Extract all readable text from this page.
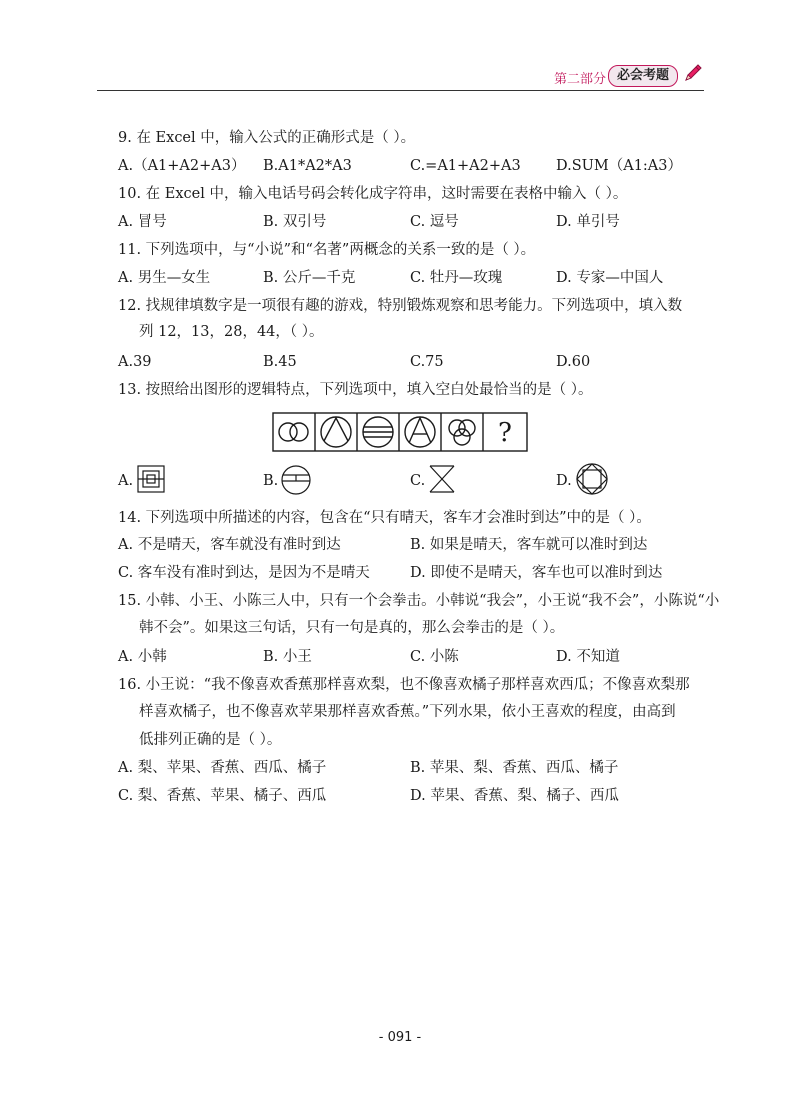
第二部分 必会考题
9. 在 Excel 中，输入公式的正确形式是（ ）。
A.（A1+A2+A3） B.A1*A2*A3	C.=A1+A2+A3 D.SUM（A1:A3）
10. 在 Excel 中，输入电话号码会转化成字符串，这时需要在表格中输入（ ）。
A. 冒号	B. 双引号	C. 逗号	D. 单引号
11. 下列选项中，与“小说”和“名著”两概念的关系一致的是（ ）。
A. 男生—女生	B. 公斤—千克	C. 牡丹—玫瑰	D. 专家—中国人
12. 找规律填数字是一项很有趣的游戏，特别锻炼观察和思考能力。下列选项中，填入数
列 12，13，28，44，（ ）。
A.39	B.45	C.75	D.60
13. 按照给出图形的逻辑特点，下列选项中，填入空白处最恰当的是（ ）。
?
A.	B.	C.	D.
14. 下列选项中所描述的内容，包含在“只有晴天，客车才会准时到达”中的是（ ）。
A. 不是晴天，客车就没有准时到达	B. 如果是晴天，客车就可以准时到达
C. 客车没有准时到达，是因为不是晴天	D. 即使不是晴天，客车也可以准时到达
15. 小韩、小王、小陈三人中，只有一个会拳击。小韩说“我会”，小王说“我不会”，小陈说“小
韩不会”。如果这三句话，只有一句是真的，那么会拳击的是（ ）。
A. 小韩	B. 小王	C. 小陈	D. 不知道
16. 小王说：“我不像喜欢香蕉那样喜欢梨，也不像喜欢橘子那样喜欢西瓜；不像喜欢梨那
样喜欢橘子，也不像喜欢苹果那样喜欢香蕉。”下列水果，依小王喜欢的程度，由高到
低排列正确的是（ ）。
A. 梨、苹果、香蕉、西瓜、橘子	B. 苹果、梨、香蕉、西瓜、橘子
C. 梨、香蕉、苹果、橘子、西瓜	D. 苹果、香蕉、梨、橘子、西瓜
- 091 -
